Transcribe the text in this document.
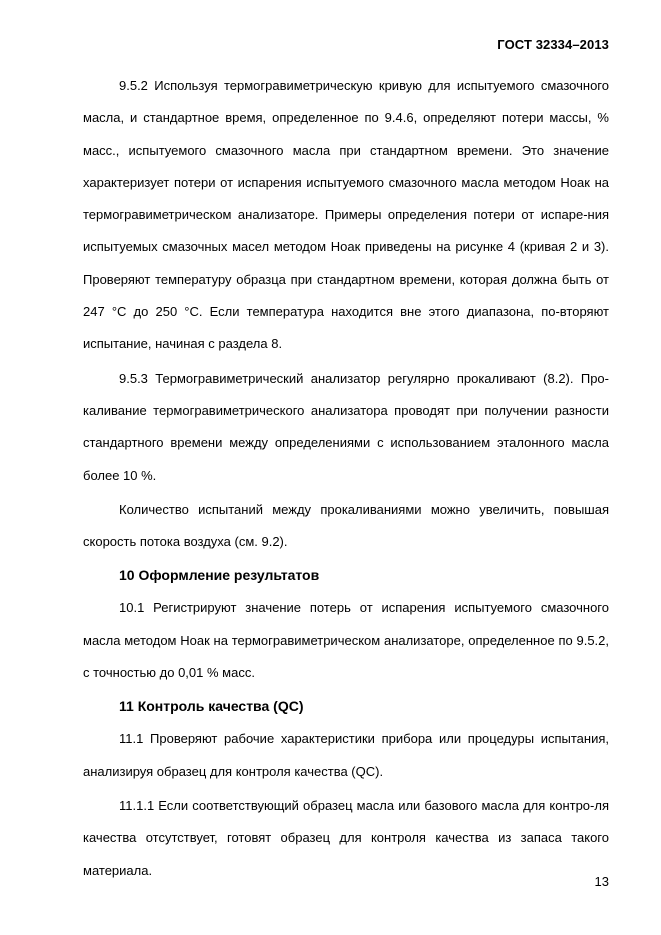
ГОСТ 32334–2013

9.5.2 Используя термогравиметрическую кривую для испытуемого смазочного масла, и стандартное время, определенное по 9.4.6, определяют потери массы, % масс., испытуемого смазочного масла при стандартном времени. Это значение характеризует потери от испарения испытуемого смазочного масла методом Ноак на термогравиметрическом анализаторе. Примеры определения потери от испаре-ния испытуемых смазочных масел методом Ноак приведены на рисунке 4 (кривая 2 и 3). Проверяют температуру образца при стандартном времени, которая должна быть от 247 °С до 250 °С. Если температура находится вне этого диапазона, по-вторяют испытание, начиная с раздела 8.

9.5.3 Термогравиметрический анализатор регулярно прокаливают (8.2). Про-каливание термогравиметрического анализатора проводят при получении разности стандартного времени между определениями с использованием эталонного масла более 10 %.

Количество испытаний между прокаливаниями можно увеличить, повышая скорость потока воздуха (см. 9.2).

10 Оформление результатов

10.1 Регистрируют значение потерь от испарения испытуемого смазочного масла методом Ноак на термогравиметрическом анализаторе, определенное по 9.5.2, с точностью до 0,01 % масс.

11 Контроль качества (QC)

11.1 Проверяют рабочие характеристики прибора или процедуры испытания, анализируя образец для контроля качества (QC).

11.1.1 Если соответствующий образец масла или базового масла для контро-ля качества отсутствует, готовят образец для контроля качества из запаса такого материала.

13
